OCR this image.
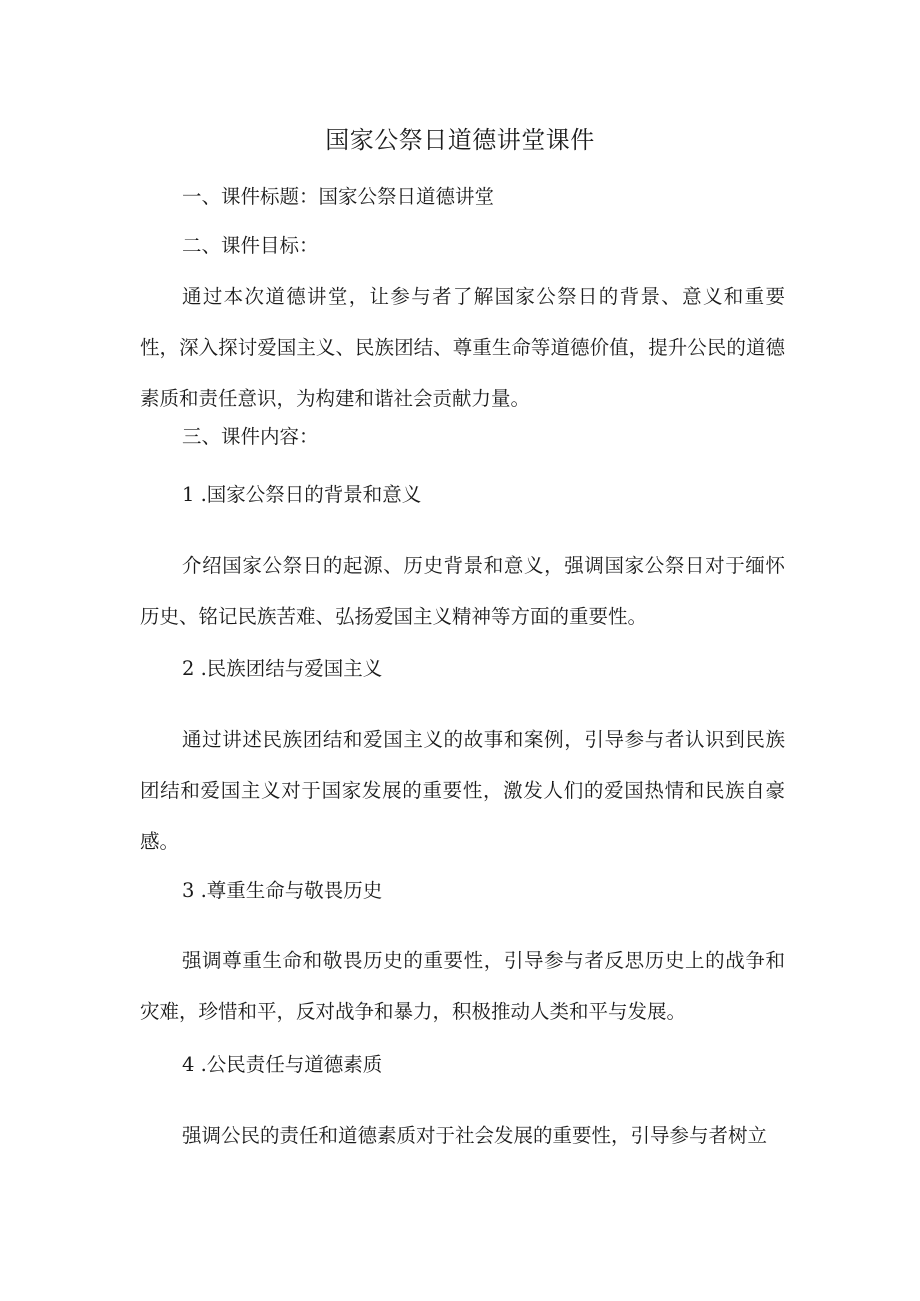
国家公祭日道德讲堂课件
一、课件标题：国家公祭日道德讲堂
二、课件目标：
通过本次道德讲堂，让参与者了解国家公祭日的背景、意义和重要性，深入探讨爱国主义、民族团结、尊重生命等道德价值，提升公民的道德素质和责任意识，为构建和谐社会贡献力量。
三、课件内容：
1 .国家公祭日的背景和意义
介绍国家公祭日的起源、历史背景和意义，强调国家公祭日对于缅怀历史、铭记民族苦难、弘扬爱国主义精神等方面的重要性。
2 .民族团结与爱国主义
通过讲述民族团结和爱国主义的故事和案例，引导参与者认识到民族团结和爱国主义对于国家发展的重要性，激发人们的爱国热情和民族自豪感。
3 .尊重生命与敬畏历史
强调尊重生命和敬畏历史的重要性，引导参与者反思历史上的战争和灾难，珍惜和平，反对战争和暴力，积极推动人类和平与发展。
4 .公民责任与道德素质
强调公民的责任和道德素质对于社会发展的重要性，引导参与者树立
